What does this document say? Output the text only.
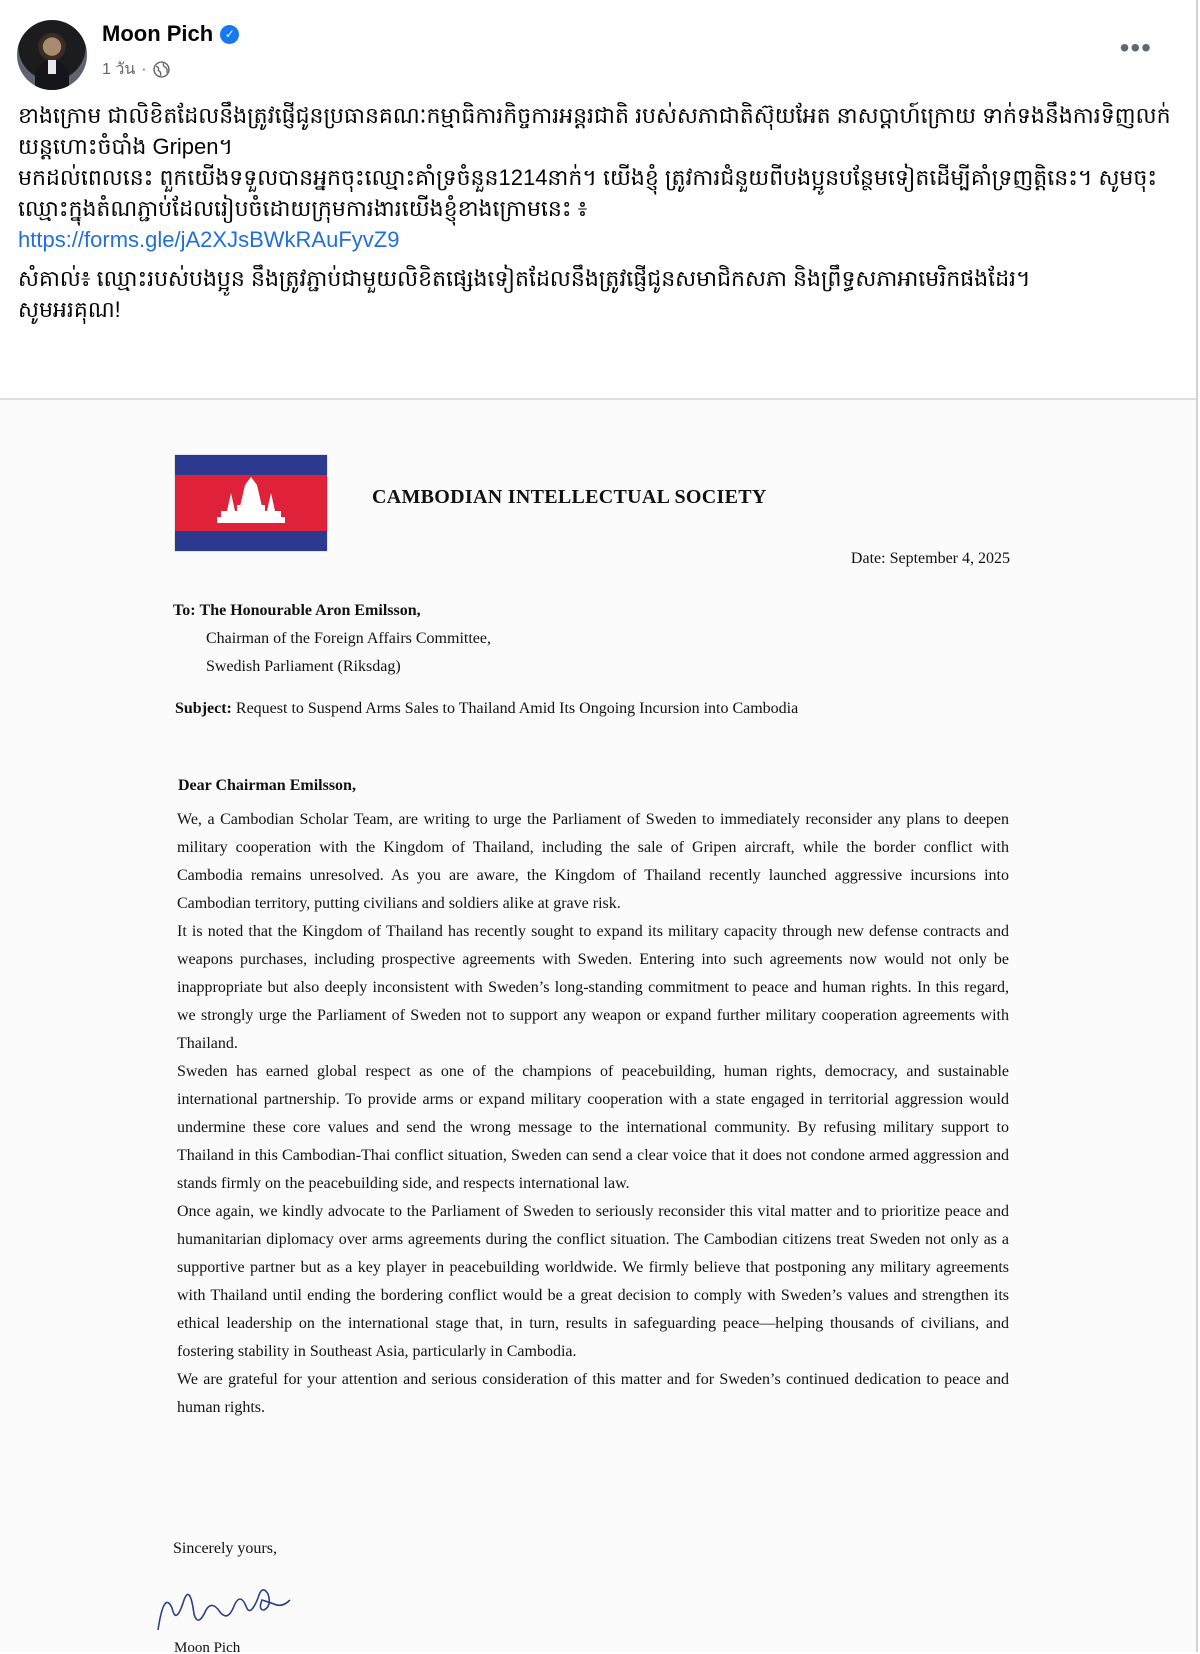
Moon Pich ✓
1 วัน ·
•••

ខាងក្រោម ជាលិខិតដែលនឹងត្រូវផ្ញើជូនប្រធានគណៈកម្មាធិការកិច្ចការអន្តរជាតិ របស់សភាជាតិស៊ុយអែត នាសប្តាហ៍ក្រោយ ទាក់ទងនឹងការទិញលក់យន្តហោះចំបាំង Gripen។

មកដល់ពេលនេះ ពួកយើងទទួលបានអ្នកចុះឈ្មោះគាំទ្រចំនួន1214នាក់។ យើងខ្ញុំ ត្រូវការជំនួយពីបងប្អូនបន្ថែមទៀតដើម្បីគាំទ្រញត្តិនេះ។ សូមចុះឈ្មោះក្នុងតំណភ្ជាប់ដែលរៀបចំដោយក្រុមការងារយើងខ្ញុំខាងក្រោមនេះ ៖

https://forms.gle/jA2XJsBWkRAuFyvZ9

សំគាល់៖ ឈ្មោះរបស់បងប្អូន នឹងត្រូវភ្ជាប់ជាមួយលិខិតផ្សេងទៀតដែលនឹងត្រូវផ្ញើជូនសមាជិកសភា និងព្រឹទ្ធសភាអាមេរិកផងដែរ។

សូមអរគុណ!

CAMBODIAN INTELLECTUAL SOCIETY
Date: September 4, 2025
To: The Honourable Aron Emilsson,
Chairman of the Foreign Affairs Committee,
Swedish Parliament (Riksdag)
Subject: Request to Suspend Arms Sales to Thailand Amid Its Ongoing Incursion into Cambodia
Dear Chairman Emilsson,

We, a Cambodian Scholar Team, are writing to urge the Parliament of Sweden to immediately reconsider any plans to deepen military cooperation with the Kingdom of Thailand, including the sale of Gripen aircraft, while the border conflict with Cambodia remains unresolved. As you are aware, the Kingdom of Thailand recently launched aggressive incursions into Cambodian territory, putting civilians and soldiers alike at grave risk.

It is noted that the Kingdom of Thailand has recently sought to expand its military capacity through new defense contracts and weapons purchases, including prospective agreements with Sweden. Entering into such agreements now would not only be inappropriate but also deeply inconsistent with Sweden’s long-standing commitment to peace and human rights. In this regard, we strongly urge the Parliament of Sweden not to support any weapon or expand further military cooperation agreements with Thailand.

Sweden has earned global respect as one of the champions of peacebuilding, human rights, democracy, and sustainable international partnership. To provide arms or expand military cooperation with a state engaged in territorial aggression would undermine these core values and send the wrong message to the international community. By refusing military support to Thailand in this Cambodian-Thai conflict situation, Sweden can send a clear voice that it does not condone armed aggression and stands firmly on the peacebuilding side, and respects international law.

Once again, we kindly advocate to the Parliament of Sweden to seriously reconsider this vital matter and to prioritize peace and humanitarian diplomacy over arms agreements during the conflict situation. The Cambodian citizens treat Sweden not only as a supportive partner but as a key player in peacebuilding worldwide. We firmly believe that postponing any military agreements with Thailand until ending the bordering conflict would be a great decision to comply with Sweden’s values and strengthen its ethical leadership on the international stage that, in turn, results in safeguarding peace—helping thousands of civilians, and fostering stability in Southeast Asia, particularly in Cambodia.

We are grateful for your attention and serious consideration of this matter and for Sweden’s continued dedication to peace and human rights.

Sincerely yours,
Moon Pich
